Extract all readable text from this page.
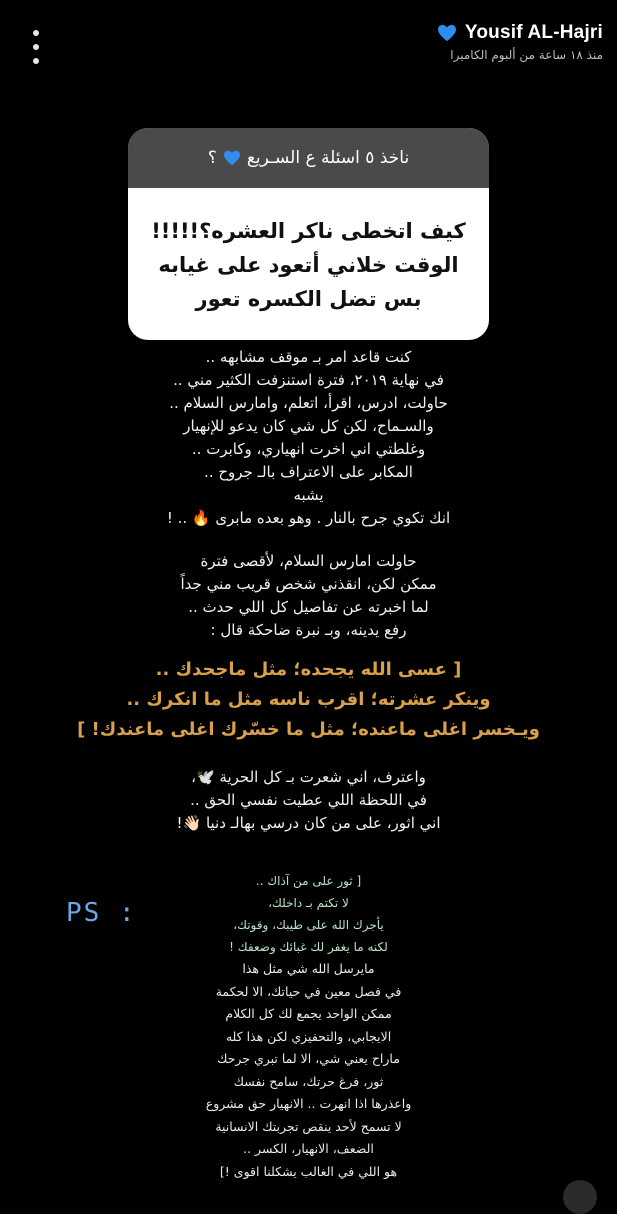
Yousif AL-Hajri
منذ ١٨ ساعة من ألبوم الكاميرا
ناخذ ٥ اسئلة ع السـريع
؟
كيف اتخطى ناكر العشره؟!!!!!
الوقت خلاني أتعود على غيابه
بس تضل الكسره تعور

كنت قاعد امر بـ موقف مشابهه ..

في نهاية ٢٠١٩، فترة استنزفت الكثير مني ..

حاولت، ادرس، اقرأ، اتعلم، وامارس السلام ..

والسـماح، لكن كل شي كان يدعو للإنهيار

وغلطتي اني اخرت انهياري، وكابرت ..

المكابر على الاعتراف بالـ جروح ..

يشبه

انك تكوي جرح بالنار . وهو بعده مابرى 🔥 .. !

حاولت امارس السلام، لأقصى فترة

ممكن لكن، انقذني شخص قريب مني جداً

لما اخبرته عن تفاصيل كل اللي حدث ..

رفع يدينه، وبـ نبرة ضاحكة قال :

[ عسى الله يجحده؛ مثل ماجحدك ..

وينكر عشرته؛ اقرب ناسه مثل ما انكرك ..

ويـخسر اغلى ماعنده؛ مثل ما خسّرك اغلى ماعندك! ]

واعترف، اني شعرت بـ كل الحرية 🕊️،

في اللحظة اللي عطيت نفسي الحق ..

اني اثور، على من كان درسي بهالـ دنيا 👋🏻!

PS :

[ ثور على من آذاك ..

لا تكتم بـ داخلك،

يأجرك الله على طيبك، وقوتك،

لكنه ما يغفر لك غبائك وضعفك !

مايرسل الله شي مثل هذا

في فصل معين في حياتك، الا لحكمة

ممكن الواحد يجمع لك كل الكلام

الايجابي، والتحفيزي لكن هذا كله

ماراح يعني شي، الا لما تبري جرحك

ثور، فرغ حرتك، سامح نفسك

واعذرها اذا انهرت .. الانهيار حق مشروع

لا تسمح لأحد ينقص تجربتك الانسانية

الضعف، الانهيار، الكسر ..

هو اللي في الغالب يشكلنا اقوى !]
